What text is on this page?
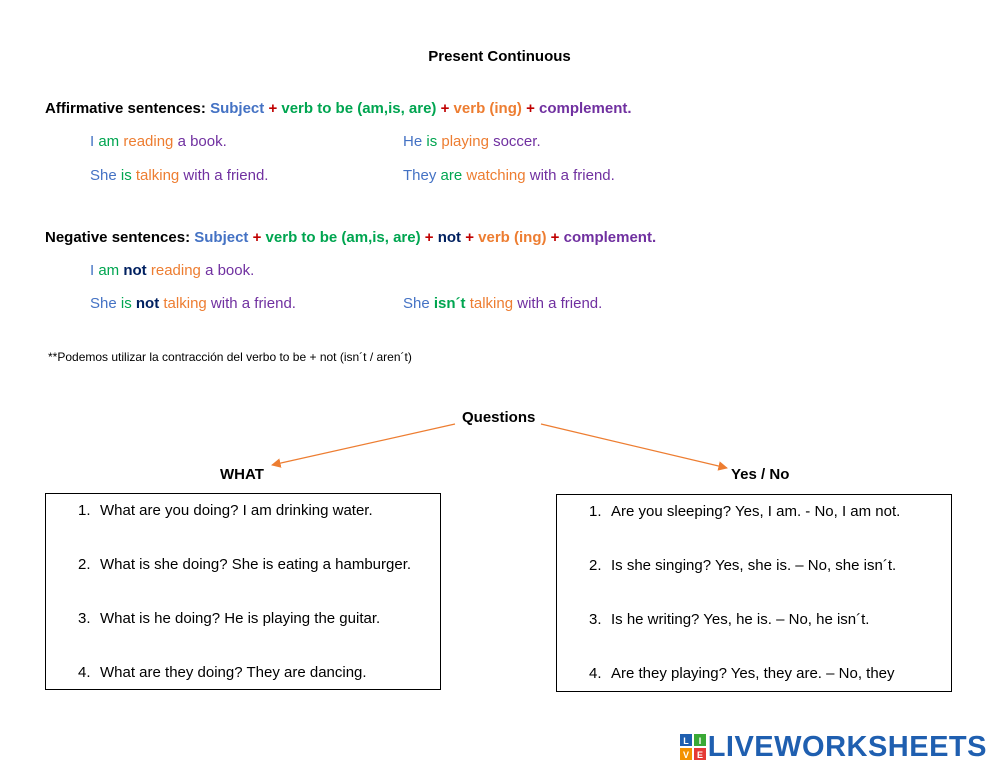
Present Continuous
Affirmative sentences: Subject + verb to be (am,is, are) + verb (ing) + complement.
I am reading a book.	He is playing soccer.
She is talking with a friend.	They are watching with a friend.
Negative sentences: Subject + verb to be (am,is, are) + not + verb (ing) + complement.
I am not reading a book.
She is not talking with a friend.	She isn´t talking with a friend.
**Podemos utilizar la contracción del verbo to be + not (isn´t / aren´t)
Questions
WHAT	Yes / No
1. What are you doing? I am drinking water.
2. What is she doing? She is eating a hamburger.
3. What is he doing? He is playing the guitar.
4. What are they doing? They are dancing.
1. Are you sleeping? Yes, I am. - No, I am not.
2. Is she singing? Yes, she is. – No, she isn´t.
3. Is he writing? Yes, he is. – No, he isn´t.
4. Are they playing? Yes, they are. – No, they
L I
V E LIVEWORKSHEETS
